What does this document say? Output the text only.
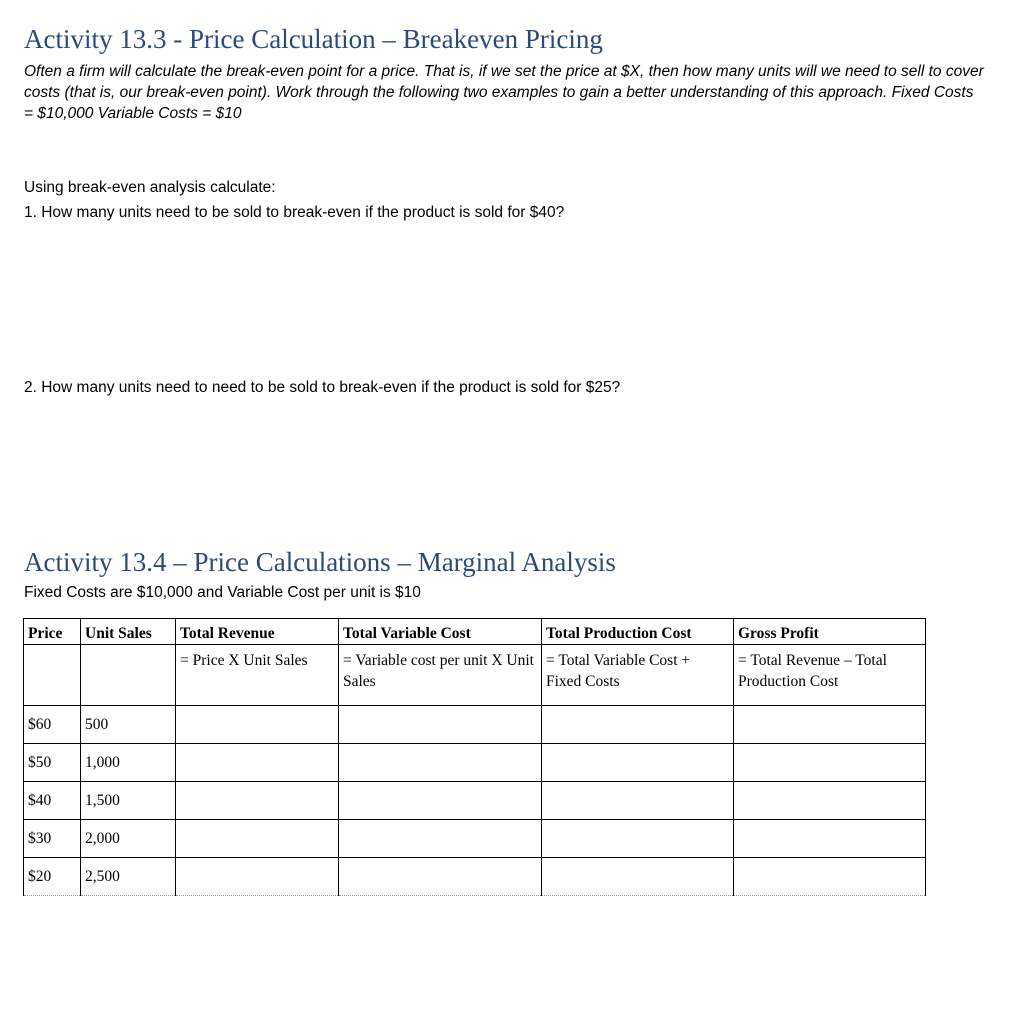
Activity 13.3 - Price Calculation – Breakeven Pricing
Often a firm will calculate the break-even point for a price. That is, if we set the price at $X, then how many units will we need to sell to cover costs (that is, our break-even point). Work through the following two examples to gain a better understanding of this approach. Fixed Costs = $10,000 Variable Costs = $10
Using break-even analysis calculate:
1. How many units need to be sold to break-even if the product is sold for $40?
2. How many units need to need to be sold to break-even if the product is sold for $25?
Activity 13.4 – Price Calculations – Marginal Analysis
Fixed Costs are $10,000 and Variable Cost per unit is $10
Price	Unit Sales	Total Revenue	Total Variable Cost	Total Production Cost	Gross Profit
		= Price X Unit Sales	= Variable cost per unit X Unit Sales	= Total Variable Cost + Fixed Costs	= Total Revenue – Total Production Cost
$60	500				
$50	1,000				
$40	1,500				
$30	2,000				
$20	2,500				
